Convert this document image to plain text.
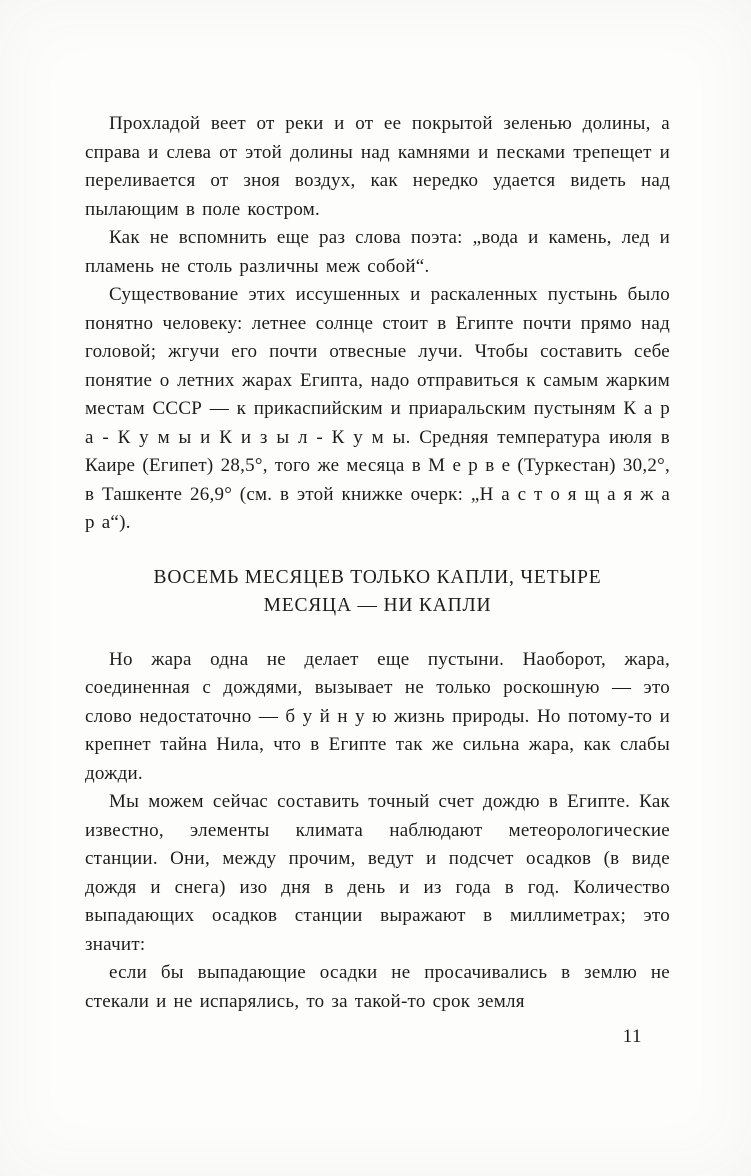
Прохладой веет от реки и от ее покрытой зеленью долины, а справа и слева от этой долины над камнями и песками трепещет и переливается от зноя воздух, как нередко удается видеть над пылающим в поле костром.

Как не вспомнить еще раз слова поэта: „вода и камень, лед и пламень не столь различны меж собой“.

Существование этих иссушенных и раскаленных пустынь было понятно человеку: летнее солнце стоит в Египте почти прямо над головой; жгучи его почти отвесные лучи. Чтобы составить себе понятие о летних жарах Египта, надо отправиться к самым жарким местам СССР — к прикаспийским и приаральским пустыням К а р а - К у м ы и К и з ы л - К у м ы. Средняя температура июля в Каире (Египет) 28,5°, того же месяца в М е р в е (Туркестан) 30,2°, в Ташкенте 26,9° (см. в этой книжке очерк: „Н а с т о я щ а я ж а р а“).

ВОСЕМЬ МЕСЯЦЕВ ТОЛЬКО КАПЛИ, ЧЕТЫРЕ
МЕСЯЦА — НИ КАПЛИ

Но жара одна не делает еще пустыни. Наоборот, жара, соединенная с дождями, вызывает не только роскошную — это слово недостаточно — б у й н у ю жизнь природы. Но потому-то и крепнет тайна Нила, что в Египте так же сильна жара, как слабы дожди.

Мы можем сейчас составить точный счет дождю в Египте. Как известно, элементы климата наблюдают метеорологические станции. Они, между прочим, ведут и подсчет осадков (в виде дождя и снега) изо дня в день и из года в год. Количество выпадающих осадков станции выражают в миллиметрах; это значит:

если бы выпадающие осадки не просачивались в землю не стекали и не испарялись, то за такой-то срок земля

11
